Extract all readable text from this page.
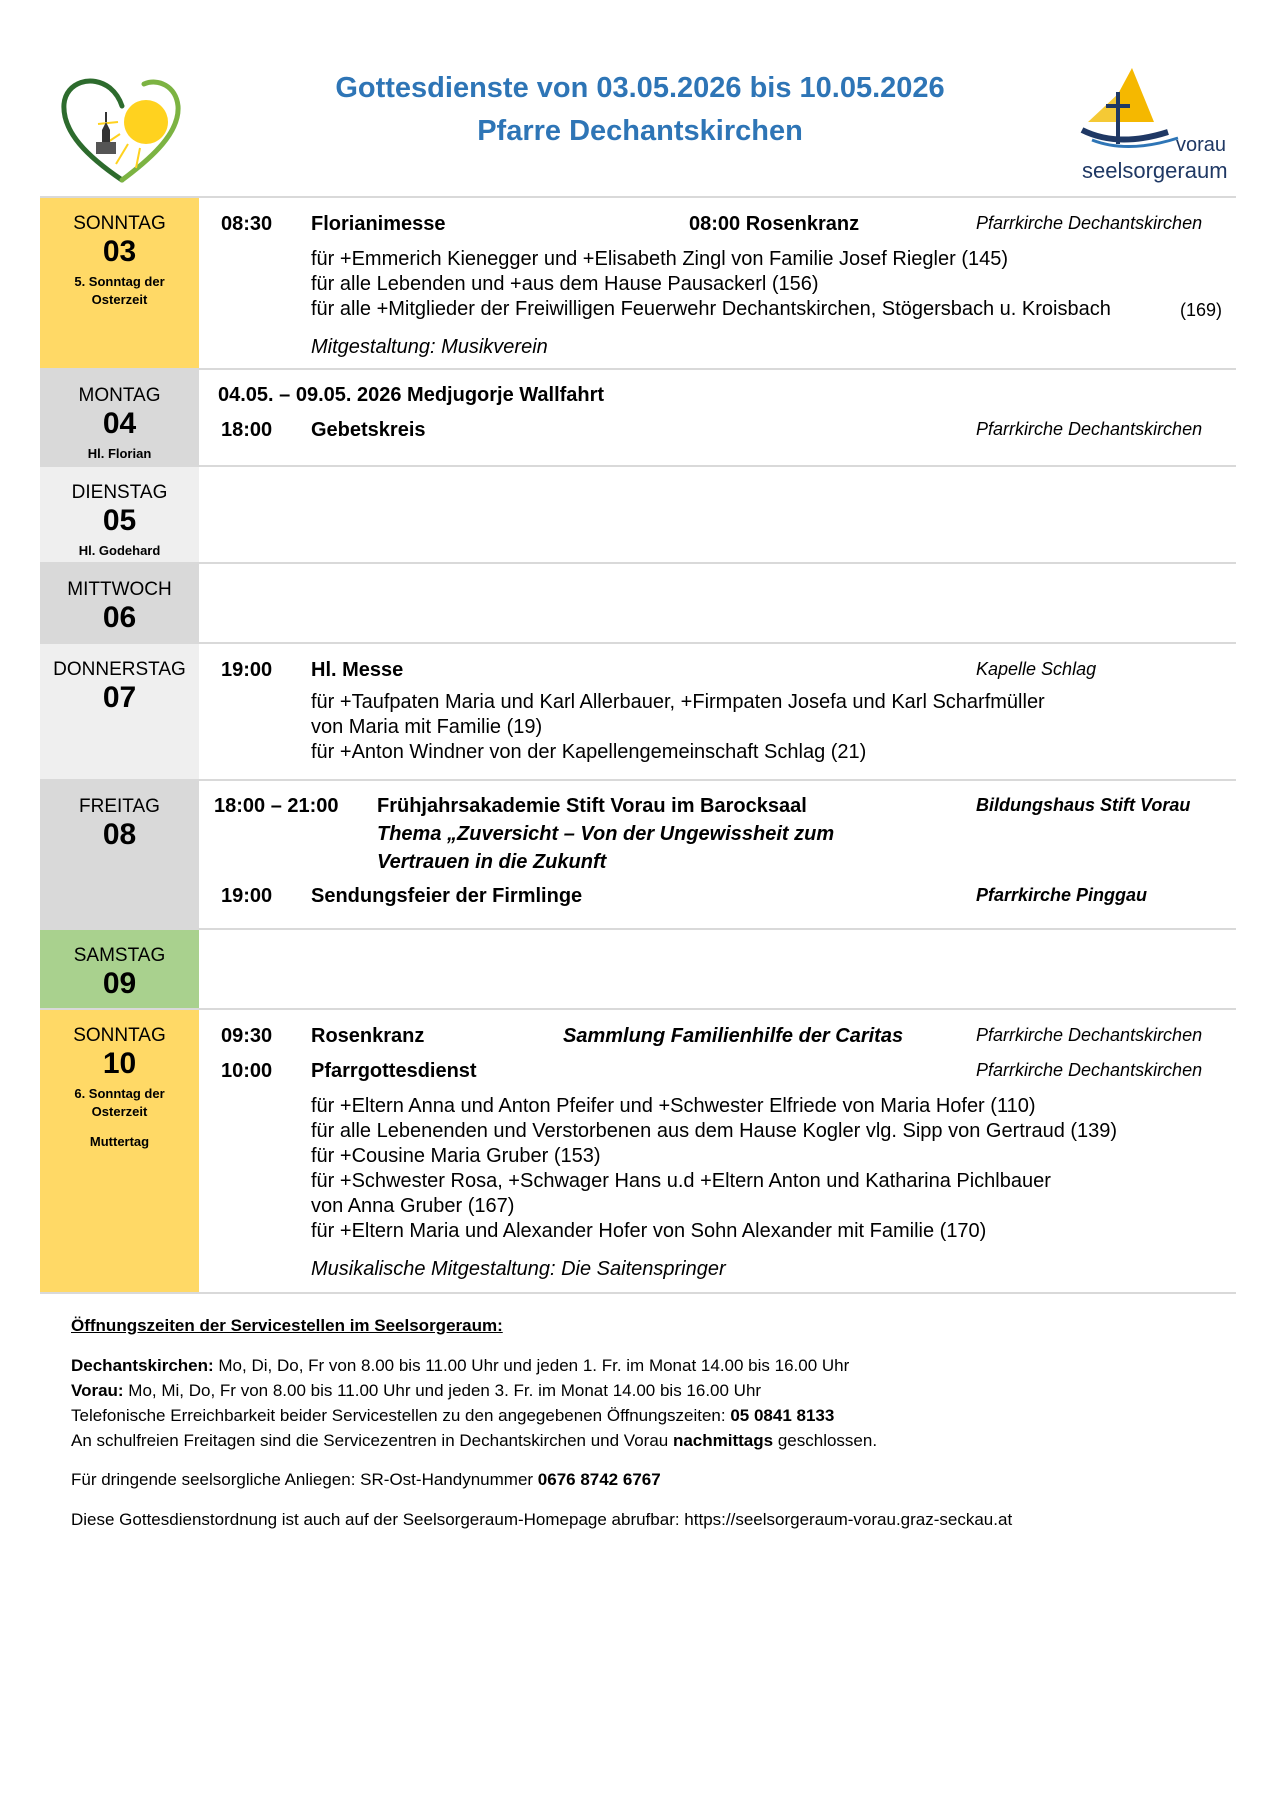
Gottesdienste von 03.05.2026 bis 10.05.2026
Pfarre Dechantskirchen	vorau
seelsorgeraum
SONNTAG
03
5. Sonntag der
Osterzeit
08:30 Florianimesse	08:00 Rosenkranz	Pfarrkirche Dechantskirchen
für +Emmerich Kienegger und +Elisabeth Zingl von Familie Josef Riegler (145)
für alle Lebenden und +aus dem Hause Pausackerl (156)
für alle +Mitglieder der Freiwilligen Feuerwehr Dechantskirchen, Stögersbach u. Kroisbach	(169)
Mitgestaltung: Musikverein
MONTAG
04
Hl. Florian
04.05. – 09.05. 2026 Medjugorje Wallfahrt
18:00 Gebetskreis	Pfarrkirche Dechantskirchen
DIENSTAG
05
Hl. Godehard
MITTWOCH
06
DONNERSTAG
07
19:00 Hl. Messe	Kapelle Schlag
für +Taufpaten Maria und Karl Allerbauer, +Firmpaten Josefa und Karl Scharfmüller
von Maria mit Familie (19)
für +Anton Windner von der Kapellengemeinschaft Schlag (21)
FREITAG
08
18:00 – 21:00 Frühjahrsakademie Stift Vorau im Barocksaal
Thema „Zuversicht – Von der Ungewissheit zum
Vertrauen in die Zukunft
Bildungshaus Stift Vorau
19:00 Sendungsfeier der Firmlinge	Pfarrkirche Pinggau
SAMSTAG
09
SONNTAG
10
6. Sonntag der
Osterzeit
Muttertag
09:30 Rosenkranz	Sammlung Familienhilfe der Caritas	Pfarrkirche Dechantskirchen
10:00 Pfarrgottesdienst	Pfarrkirche Dechantskirchen
für +Eltern Anna und Anton Pfeifer und +Schwester Elfriede von Maria Hofer (110)
für alle Lebenenden und Verstorbenen aus dem Hause Kogler vlg. Sipp von Gertraud (139)
für +Cousine Maria Gruber (153)
für +Schwester Rosa, +Schwager Hans u.d +Eltern Anton und Katharina Pichlbauer
von Anna Gruber (167)
für +Eltern Maria und Alexander Hofer von Sohn Alexander mit Familie (170)
Musikalische Mitgestaltung: Die Saitenspringer
Öffnungszeiten der Servicestellen im Seelsorgeraum:
Dechantskirchen: Mo, Di, Do, Fr von 8.00 bis 11.00 Uhr und jeden 1. Fr. im Monat 14.00 bis 16.00 Uhr
Vorau: Mo, Mi, Do, Fr von 8.00 bis 11.00 Uhr und jeden 3. Fr. im Monat 14.00 bis 16.00 Uhr
Telefonische Erreichbarkeit beider Servicestellen zu den angegebenen Öffnungszeiten: 05 0841 8133
An schulfreien Freitagen sind die Servicezentren in Dechantskirchen und Vorau nachmittags geschlossen.
Für dringende seelsorgliche Anliegen: SR-Ost-Handynummer 0676 8742 6767
Diese Gottesdienstordnung ist auch auf der Seelsorgeraum-Homepage abrufbar: https://seelsorgeraum-vorau.graz-seckau.at
